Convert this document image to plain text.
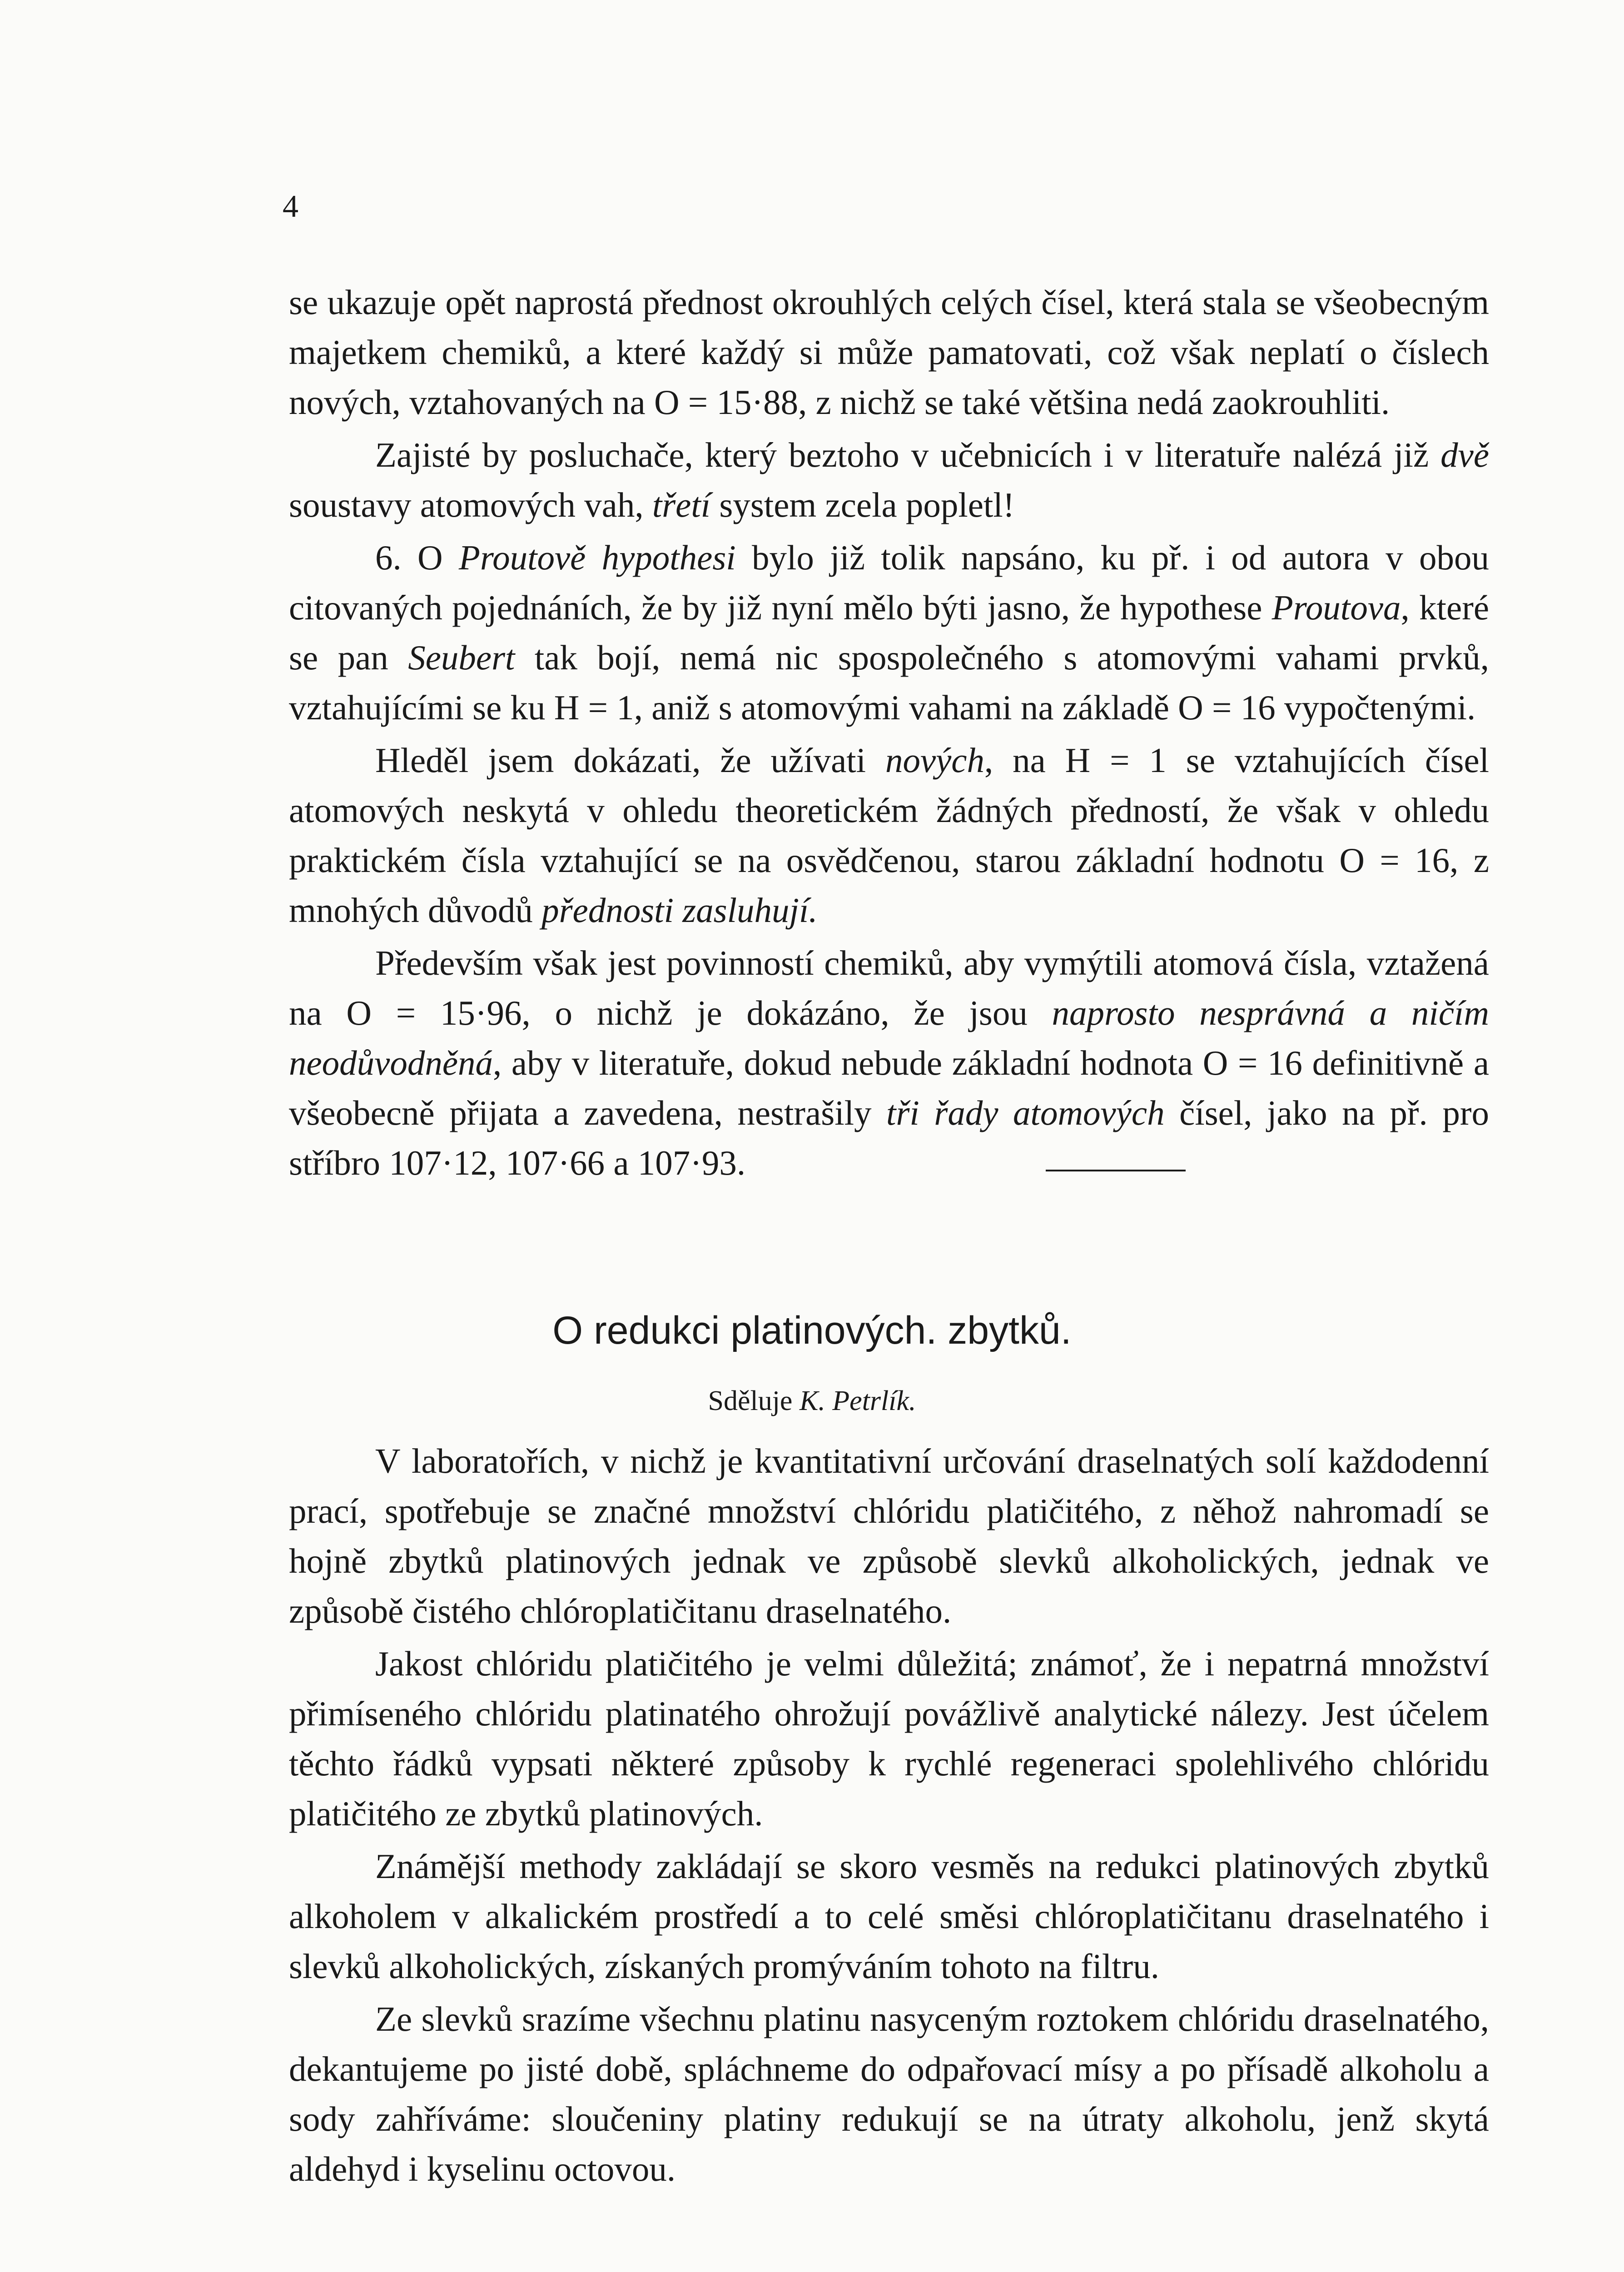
4

se ukazuje opět naprostá přednost okrouhlých celých čísel, která stala se všeobecným majetkem chemiků, a které každý si může pamatovati, což však neplatí o číslech nových, vztahovaných na O = 15·88, z nichž se také většina nedá zaokrouhliti.

Zajisté by posluchače, který beztoho v učebnicích i v literatuře nalézá již dvě soustavy atomových vah, třetí system zcela popletl!

6. O Proutově hypothesi bylo již tolik napsáno, ku př. i od autora v obou citovaných pojednáních, že by již nyní mělo býti jasno, že hypothese Proutova, které se pan Seubert tak bojí, nemá nic spospolečného s atomovými vahami prvků, vztahujícími se ku H = 1, aniž s atomovými vahami na základě O = 16 vypočtenými.

Hleděl jsem dokázati, že užívati nových, na H = 1 se vztahujících čísel atomových neskytá v ohledu theoretickém žádných předností, že však v ohledu praktickém čísla vztahující se na osvědčenou, starou základní hodnotu O = 16, z mnohých důvodů přednosti zasluhují.

Především však jest povinností chemiků, aby vymýtili atomová čísla, vztažená na O = 15·96, o nichž je dokázáno, že jsou naprosto nesprávná a ničím neodůvodněná, aby v literatuře, dokud nebude základní hodnota O = 16 definitivně a všeobecně přijata a zavedena, nestrašily tři řady atomových čísel, jako na př. pro stříbro 107·12, 107·66 a 107·93.

O redukci platinových. zbytků.
Sděluje K. Petrlík.

V laboratořích, v nichž je kvantitativní určování draselnatých solí každodenní prací, spotřebuje se značné množství chlóridu platičitého, z něhož nahromadí se hojně zbytků platinových jednak ve způsobě slevků alkoholických, jednak ve způsobě čistého chlóroplatičitanu draselnatého.

Jakost chlóridu platičitého je velmi důležitá; známoť, že i nepatrná množství přimíseného chlóridu platinatého ohrožují povážlivě analytické nálezy. Jest účelem těchto řádků vypsati některé způsoby k rychlé regeneraci spolehlivého chlóridu platičitého ze zbytků platinových.

Známější methody zakládají se skoro vesměs na redukci platinových zbytků alkoholem v alkalickém prostředí a to celé směsi chlóroplatičitanu draselnatého i slevků alkoholických, získaných promýváním tohoto na filtru.

Ze slevků srazíme všechnu platinu nasyceným roztokem chlóridu draselnatého, dekantujeme po jisté době, spláchneme do odpařovací mísy a po přísadě alkoholu a sody zahříváme: sloučeniny platiny redukují se na útraty alkoholu, jenž skytá aldehyd i kyselinu octovou.
